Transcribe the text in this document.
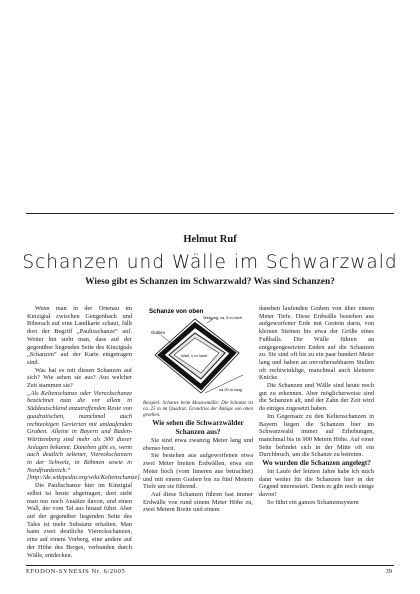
Helmut Ruf
Schanzen und Wälle im Schwarzwald
Wieso gibt es Schanzen im Schwarzwald? Was sind Schanzen?

Wenn man in der Ortenau im Kinzigtal zwischen Gengenbach und Biberach auf eine Landkarte schaut, fällt dort der Begriff „Paulisschanze“ auf. Weiter hin sieht man, dass auf der gegenüber liegenden Seite des Kinzigtals „Schanzen“ auf der Karte eingetragen sind.

Was hat es mit diesen Schanzen auf sich? Wie sehen sie aus? Aus welcher Zeit stammen sie?

„Als Keltenschanze oder Viereckschanze bezeichnet man die vor allem in Süddeutschland anzutreffenden Reste von quadratischen, manchmal auch rechteckigen Gevierten mit umlaufenden Graben. Alleine in Bayern und Baden-Württemberg sind mehr als 300 dieser Anlagen bekannt. Daneben gibt es, wenn auch deutlich seltener, Viereckschanzen in der Schweiz, in Böhmen sowie in Nordfrankreich.“ [http://de.wikipedia.org/wiki/Keltenschanze].

Die Paulischanze hier im Kinzigtal selbst ist heute abgetragen, dort sieht man nur noch Ansätze davon, und einen Wall, der vom Tal aus hinauf führt. Aber auf der gegenüber liegenden Seite des Tales ist mehr Substanz erhalten. Man kann zwei deutliche Viereckschanzen, eine auf einem Vorberg, eine andere auf der Höhe des Berges, verbunden durch Wälle, entdecken.

Schanze von oben
Steigung, ca. 5 m hoch
Graben
Wall, 1 m hoch
ca 20 m lang

Beispiel: Schanze beim Mooswmälle: Die Schanze ist ca. 25 m im Quadrat. Grundriss der Anlage von oben gesehen.

Wie sehen die Schwarzwälder Schanzen aus?

Sie sind etwa zwanzig Meter lang und ebenso breit.

Sie bestehen aus aufgeworfenen etwa zwei Meter breiten Erdwällen, etwa ein Meter hoch (vom Inneren aus betrachtet) und mit einem Graben bis zu fünf Metern Tiefe um sie führend.

Auf diese Schanzen führen fast immer Erdwälle von rund einem Meter Höhe zu, zwei Metern Breite und einem

daneben laufenden Graben von über einem Meter Tiefe. Diese Erdwälle bestehen aus aufgeworfener Erde mit Gestein darin, von kleinen Steinen bis etwa der Größe eines Fußballs. Die Wälle führen an entgegengesetzten Enden auf die Schanzen zu. Sie sind oft bis zu ein paar hundert Meter lang und haben an unvorhersehbaren Stellen oft rechtwinklige, manchmal auch kleinere Knicke.

Die Schanzen und Wälle sind heute noch gut zu erkennen. Aber möglicherweise sind die Schanzen alt, und der Zahn der Zeit wird da einiges zugesetzt haben.

Im Gegensatz zu den Keltenschanzen in Bayern liegen die Schanzen hier im Schwarzwald immer auf Erhebungen, manchmal bis in 900 Metern Höhe. Auf einer Seite befindet sich in der Mitte oft ein Durchbruch, um die Schanze zu betreten.

Wo wurden die Schanzen angelegt?

Im Laufe der letzten Jahre habe ich mich dann weiter für die Schanzen hier in der Gegend interessiert. Denn es gibt noch einige davon!

So führt ein ganzes Schanzensystem

EFODON-SYNESIS Nr. 6/2005	39
